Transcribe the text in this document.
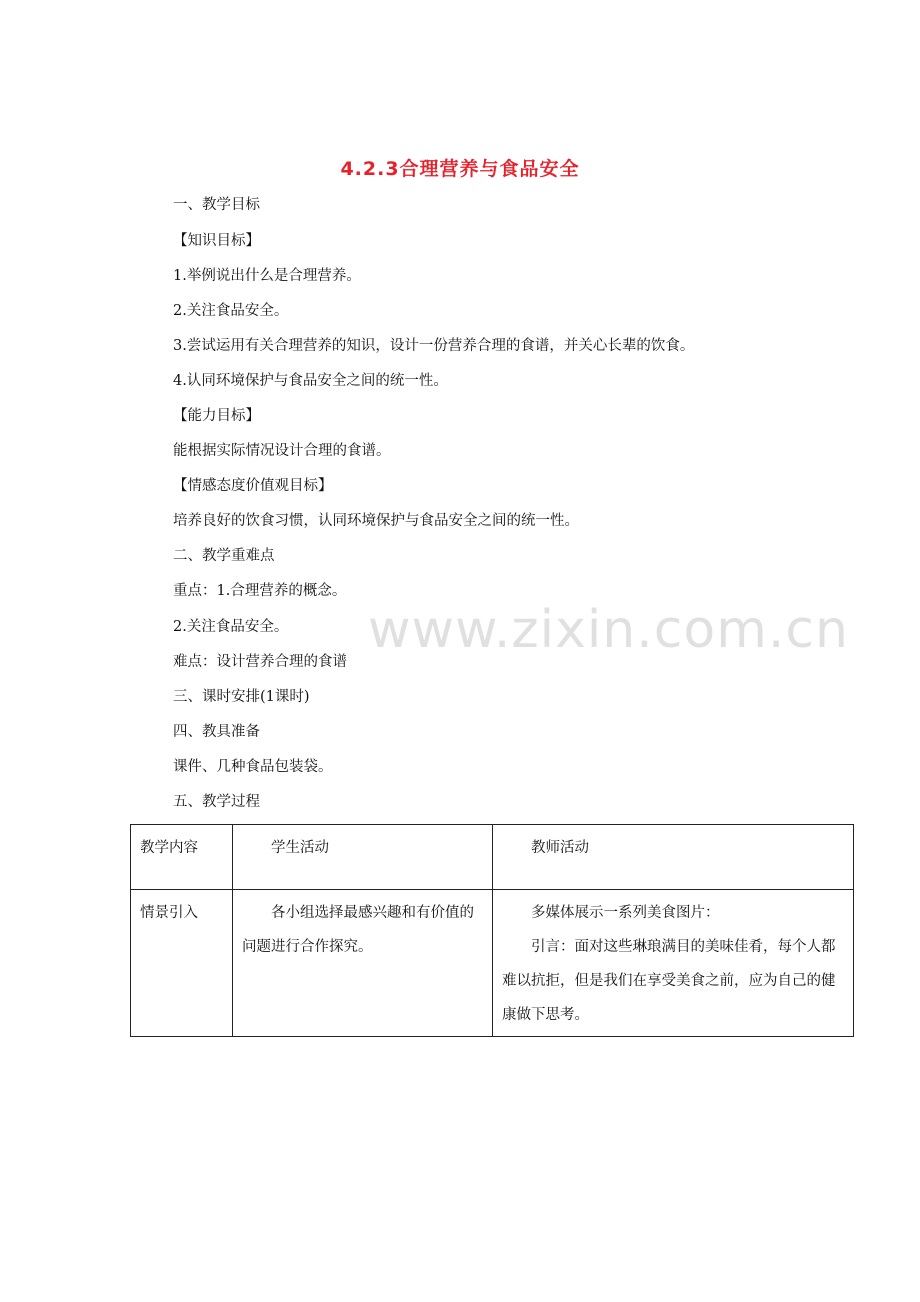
4.2.3合理营养与食品安全
一、教学目标
【知识目标】
1.举例说出什么是合理营养。
2.关注食品安全。
3.尝试运用有关合理营养的知识，设计一份营养合理的食谱，并关心长辈的饮食。
4.认同环境保护与食品安全之间的统一性。
【能力目标】
能根据实际情况设计合理的食谱。
【情感态度价值观目标】
培养良好的饮食习惯，认同环境保护与食品安全之间的统一性。
二、教学重难点
重点：1.合理营养的概念。
2.关注食品安全。
难点：设计营养合理的食谱
三、课时安排(1课时)
四、教具准备
课件、几种食品包装袋。
五、教学过程
www.zixin.com.cn
教学内容	学生活动	教师活动

情景引入	各小组选择最感兴趣和有价值的问题进行合作探究。	多媒体展示一系列美食图片：
引言：面对这些琳琅满目的美味佳肴，每个人都难以抗拒，但是我们在享受美食之前，应为自己的健康做下思考。
